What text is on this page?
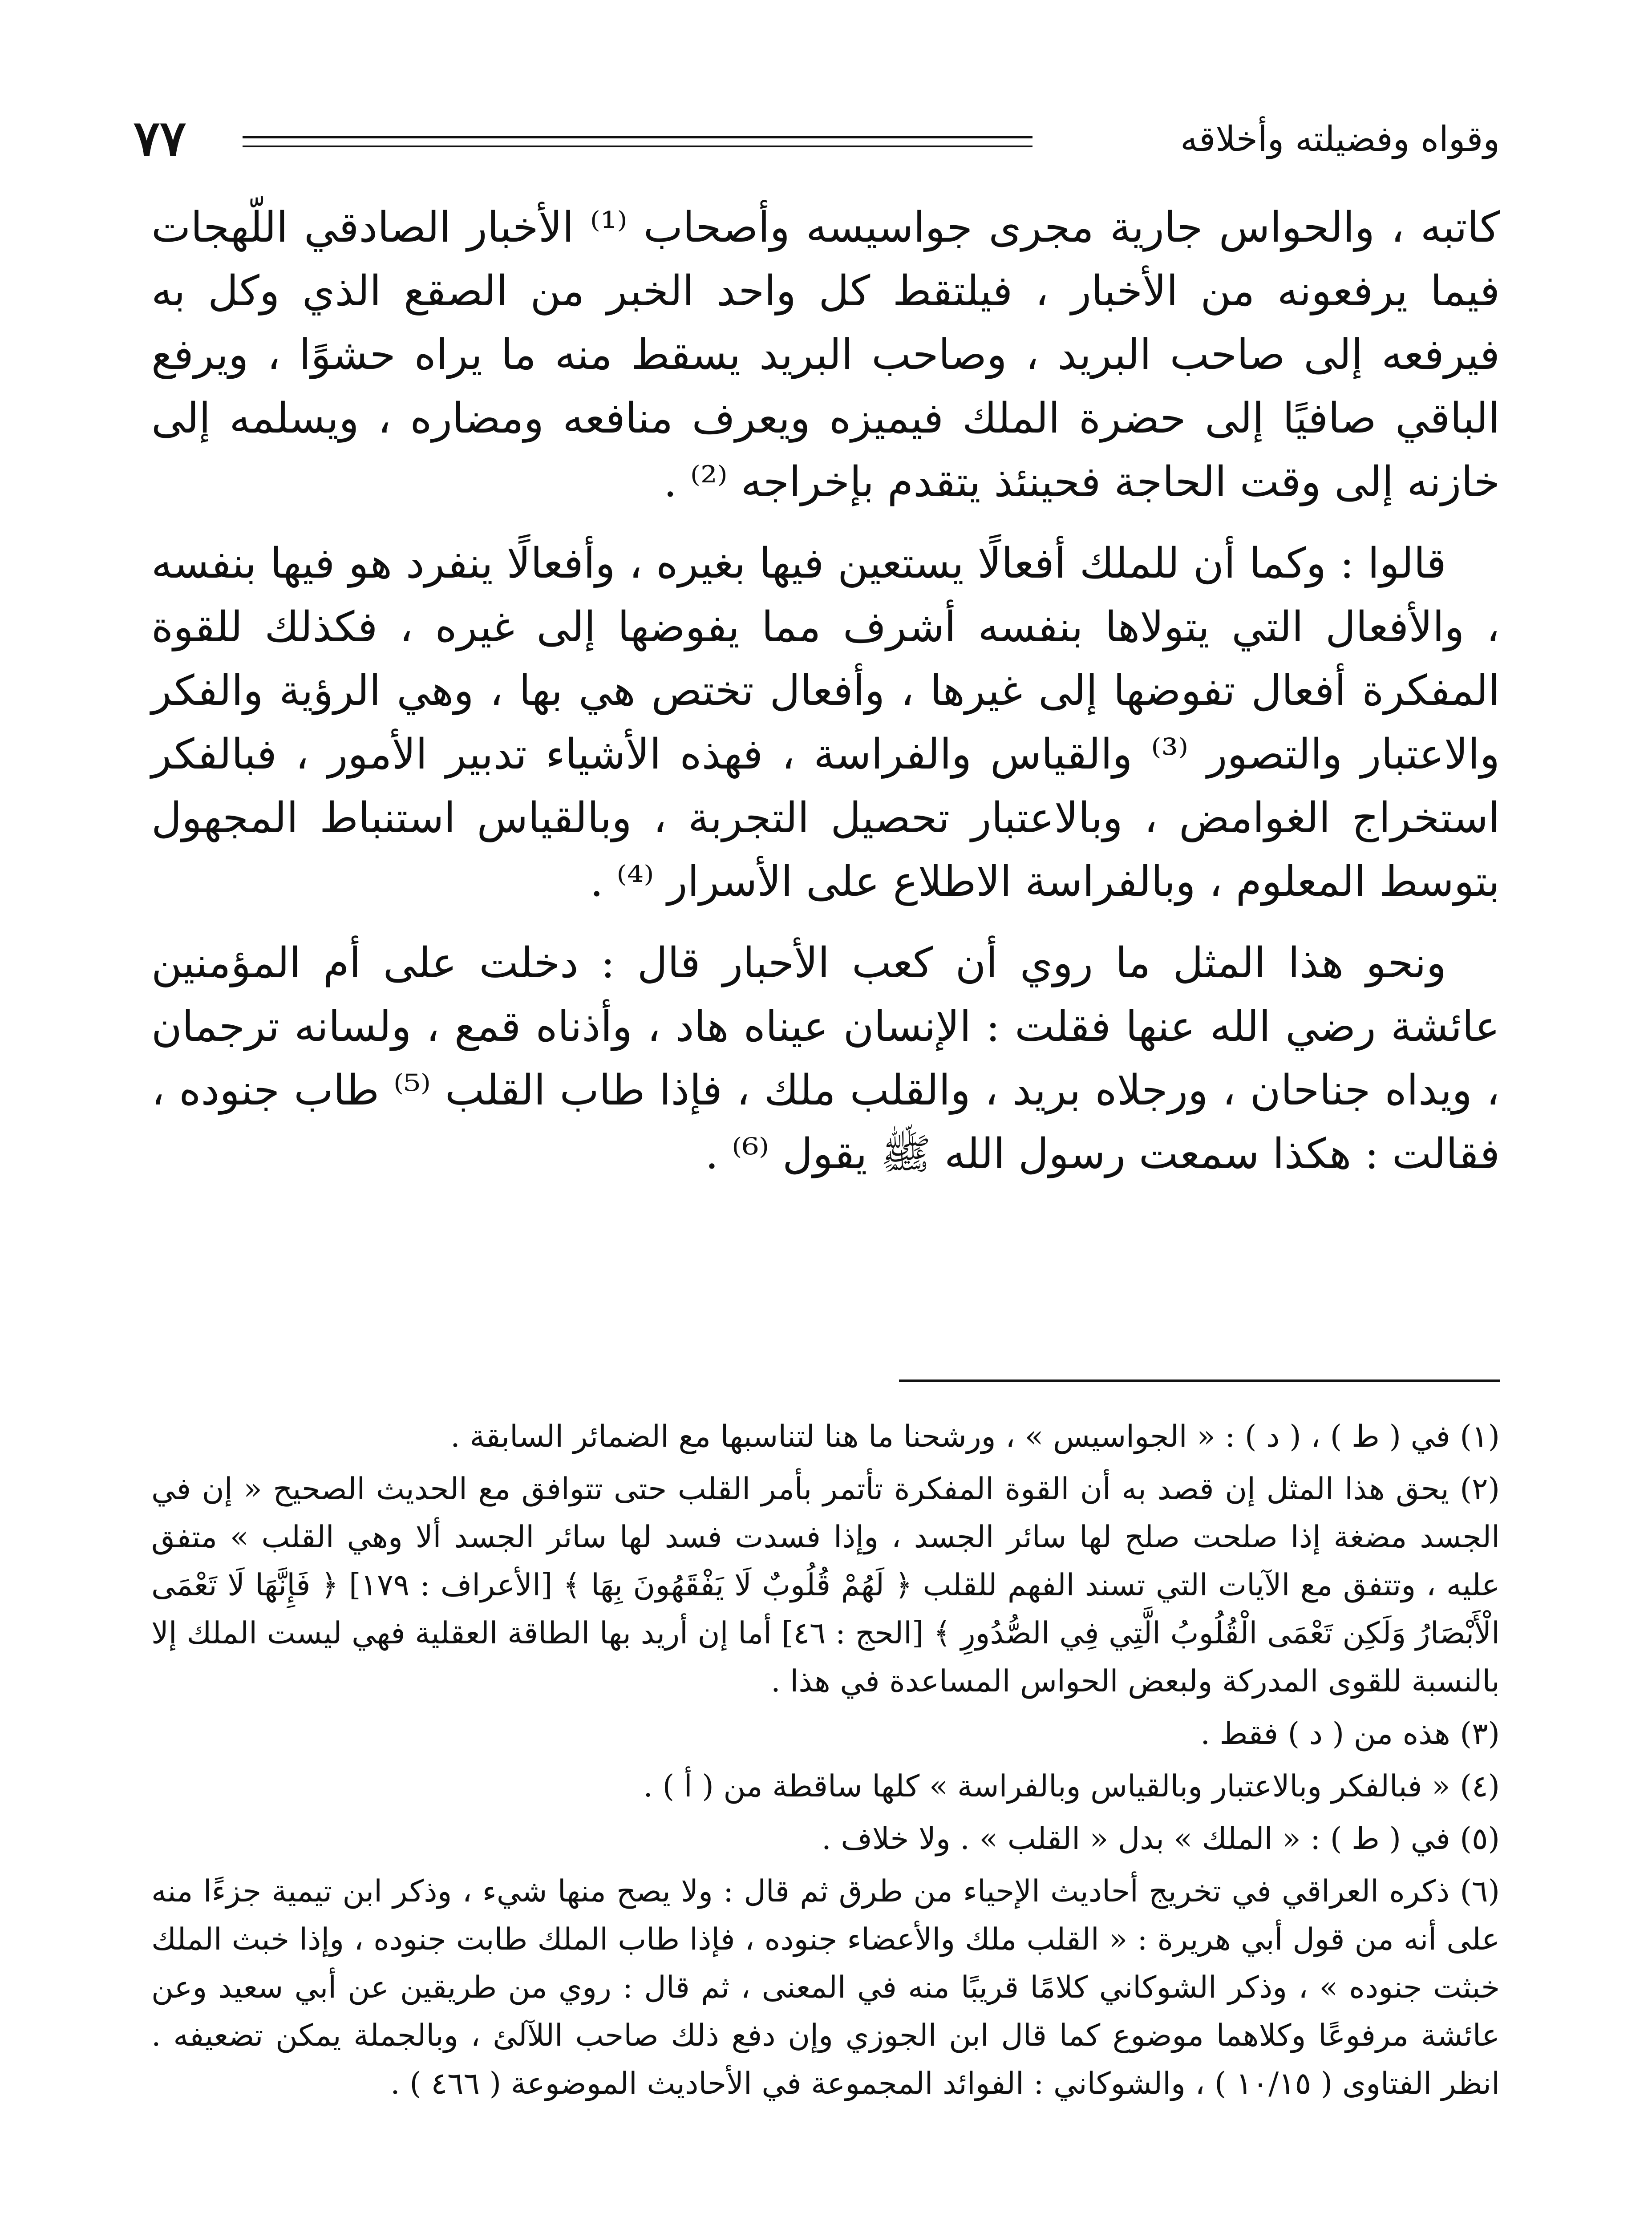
وقواه وفضيلته وأخلاقه
٧٧

كاتبه ، والحواس جارية مجرى جواسيسه وأصحاب ⁽¹⁾ الأخبار الصادقي اللّهجات فيما يرفعونه من الأخبار ، فيلتقط كل واحد الخبر من الصقع الذي وكل به فيرفعه إلى صاحب البريد ، وصاحب البريد يسقط منه ما يراه حشوًا ، ويرفع الباقي صافيًا إلى حضرة الملك فيميزه ويعرف منافعه ومضاره ، ويسلمه إلى خازنه إلى وقت الحاجة فحينئذ يتقدم بإخراجه ⁽²⁾ .

قالوا : وكما أن للملك أفعالًا يستعين فيها بغيره ، وأفعالًا ينفرد هو فيها بنفسه ، والأفعال التي يتولاها بنفسه أشرف مما يفوضها إلى غيره ، فكذلك للقوة المفكرة أفعال تفوضها إلى غيرها ، وأفعال تختص هي بها ، وهي الرؤية والفكر والاعتبار والتصور ⁽³⁾ والقياس والفراسة ، فهذه الأشياء تدبير الأمور ، فبالفكر استخراج الغوامض ، وبالاعتبار تحصيل التجربة ، وبالقياس استنباط المجهول بتوسط المعلوم ، وبالفراسة الاطلاع على الأسرار ⁽⁴⁾ .

ونحو هذا المثل ما روي أن كعب الأحبار قال : دخلت على أم المؤمنين عائشة رضي الله عنها فقلت : الإنسان عيناه هاد ، وأذناه قمع ، ولسانه ترجمان ، ويداه جناحان ، ورجلاه بريد ، والقلب ملك ، فإذا طاب القلب ⁽⁵⁾ طاب جنوده ، فقالت : هكذا سمعت رسول الله ﷺ يقول ⁽⁶⁾ .

(١) في ( ط ) ، ( د ) : « الجواسيس » ، ورشحنا ما هنا لتناسبها مع الضمائر السابقة .

(٢) يحق هذا المثل إن قصد به أن القوة المفكرة تأتمر بأمر القلب حتى تتوافق مع الحديث الصحيح « إن في الجسد مضغة إذا صلحت صلح لها سائر الجسد ، وإذا فسدت فسد لها سائر الجسد ألا وهي القلب » متفق عليه ، وتتفق مع الآيات التي تسند الفهم للقلب ﴿ لَهُمْ قُلُوبٌ لَا يَفْقَهُونَ بِهَا ﴾ [الأعراف : ١٧٩] ﴿ فَإِنَّهَا لَا تَعْمَى الْأَبْصَارُ وَلَكِن تَعْمَى الْقُلُوبُ الَّتِي فِي الصُّدُورِ ﴾ [الحج : ٤٦] أما إن أريد بها الطاقة العقلية فهي ليست الملك إلا بالنسبة للقوى المدركة ولبعض الحواس المساعدة في هذا .

(٣) هذه من ( د ) فقط .

(٤) « فبالفكر وبالاعتبار وبالقياس وبالفراسة » كلها ساقطة من ( أ ) .

(٥) في ( ط ) : « الملك » بدل « القلب » . ولا خلاف .

(٦) ذكره العراقي في تخريج أحاديث الإحياء من طرق ثم قال : ولا يصح منها شيء ، وذكر ابن تيمية جزءًا منه على أنه من قول أبي هريرة : « القلب ملك والأعضاء جنوده ، فإذا طاب الملك طابت جنوده ، وإذا خبث الملك خبثت جنوده » ، وذكر الشوكاني كلامًا قريبًا منه في المعنى ، ثم قال : روي من طريقين عن أبي سعيد وعن عائشة مرفوعًا وكلاهما موضوع كما قال ابن الجوزي وإن دفع ذلك صاحب اللآلئ ، وبالجملة يمكن تضعيفه . انظر الفتاوى ( ١٠/١٥ ) ، والشوكاني : الفوائد المجموعة في الأحاديث الموضوعة ( ٤٦٦ ) .
